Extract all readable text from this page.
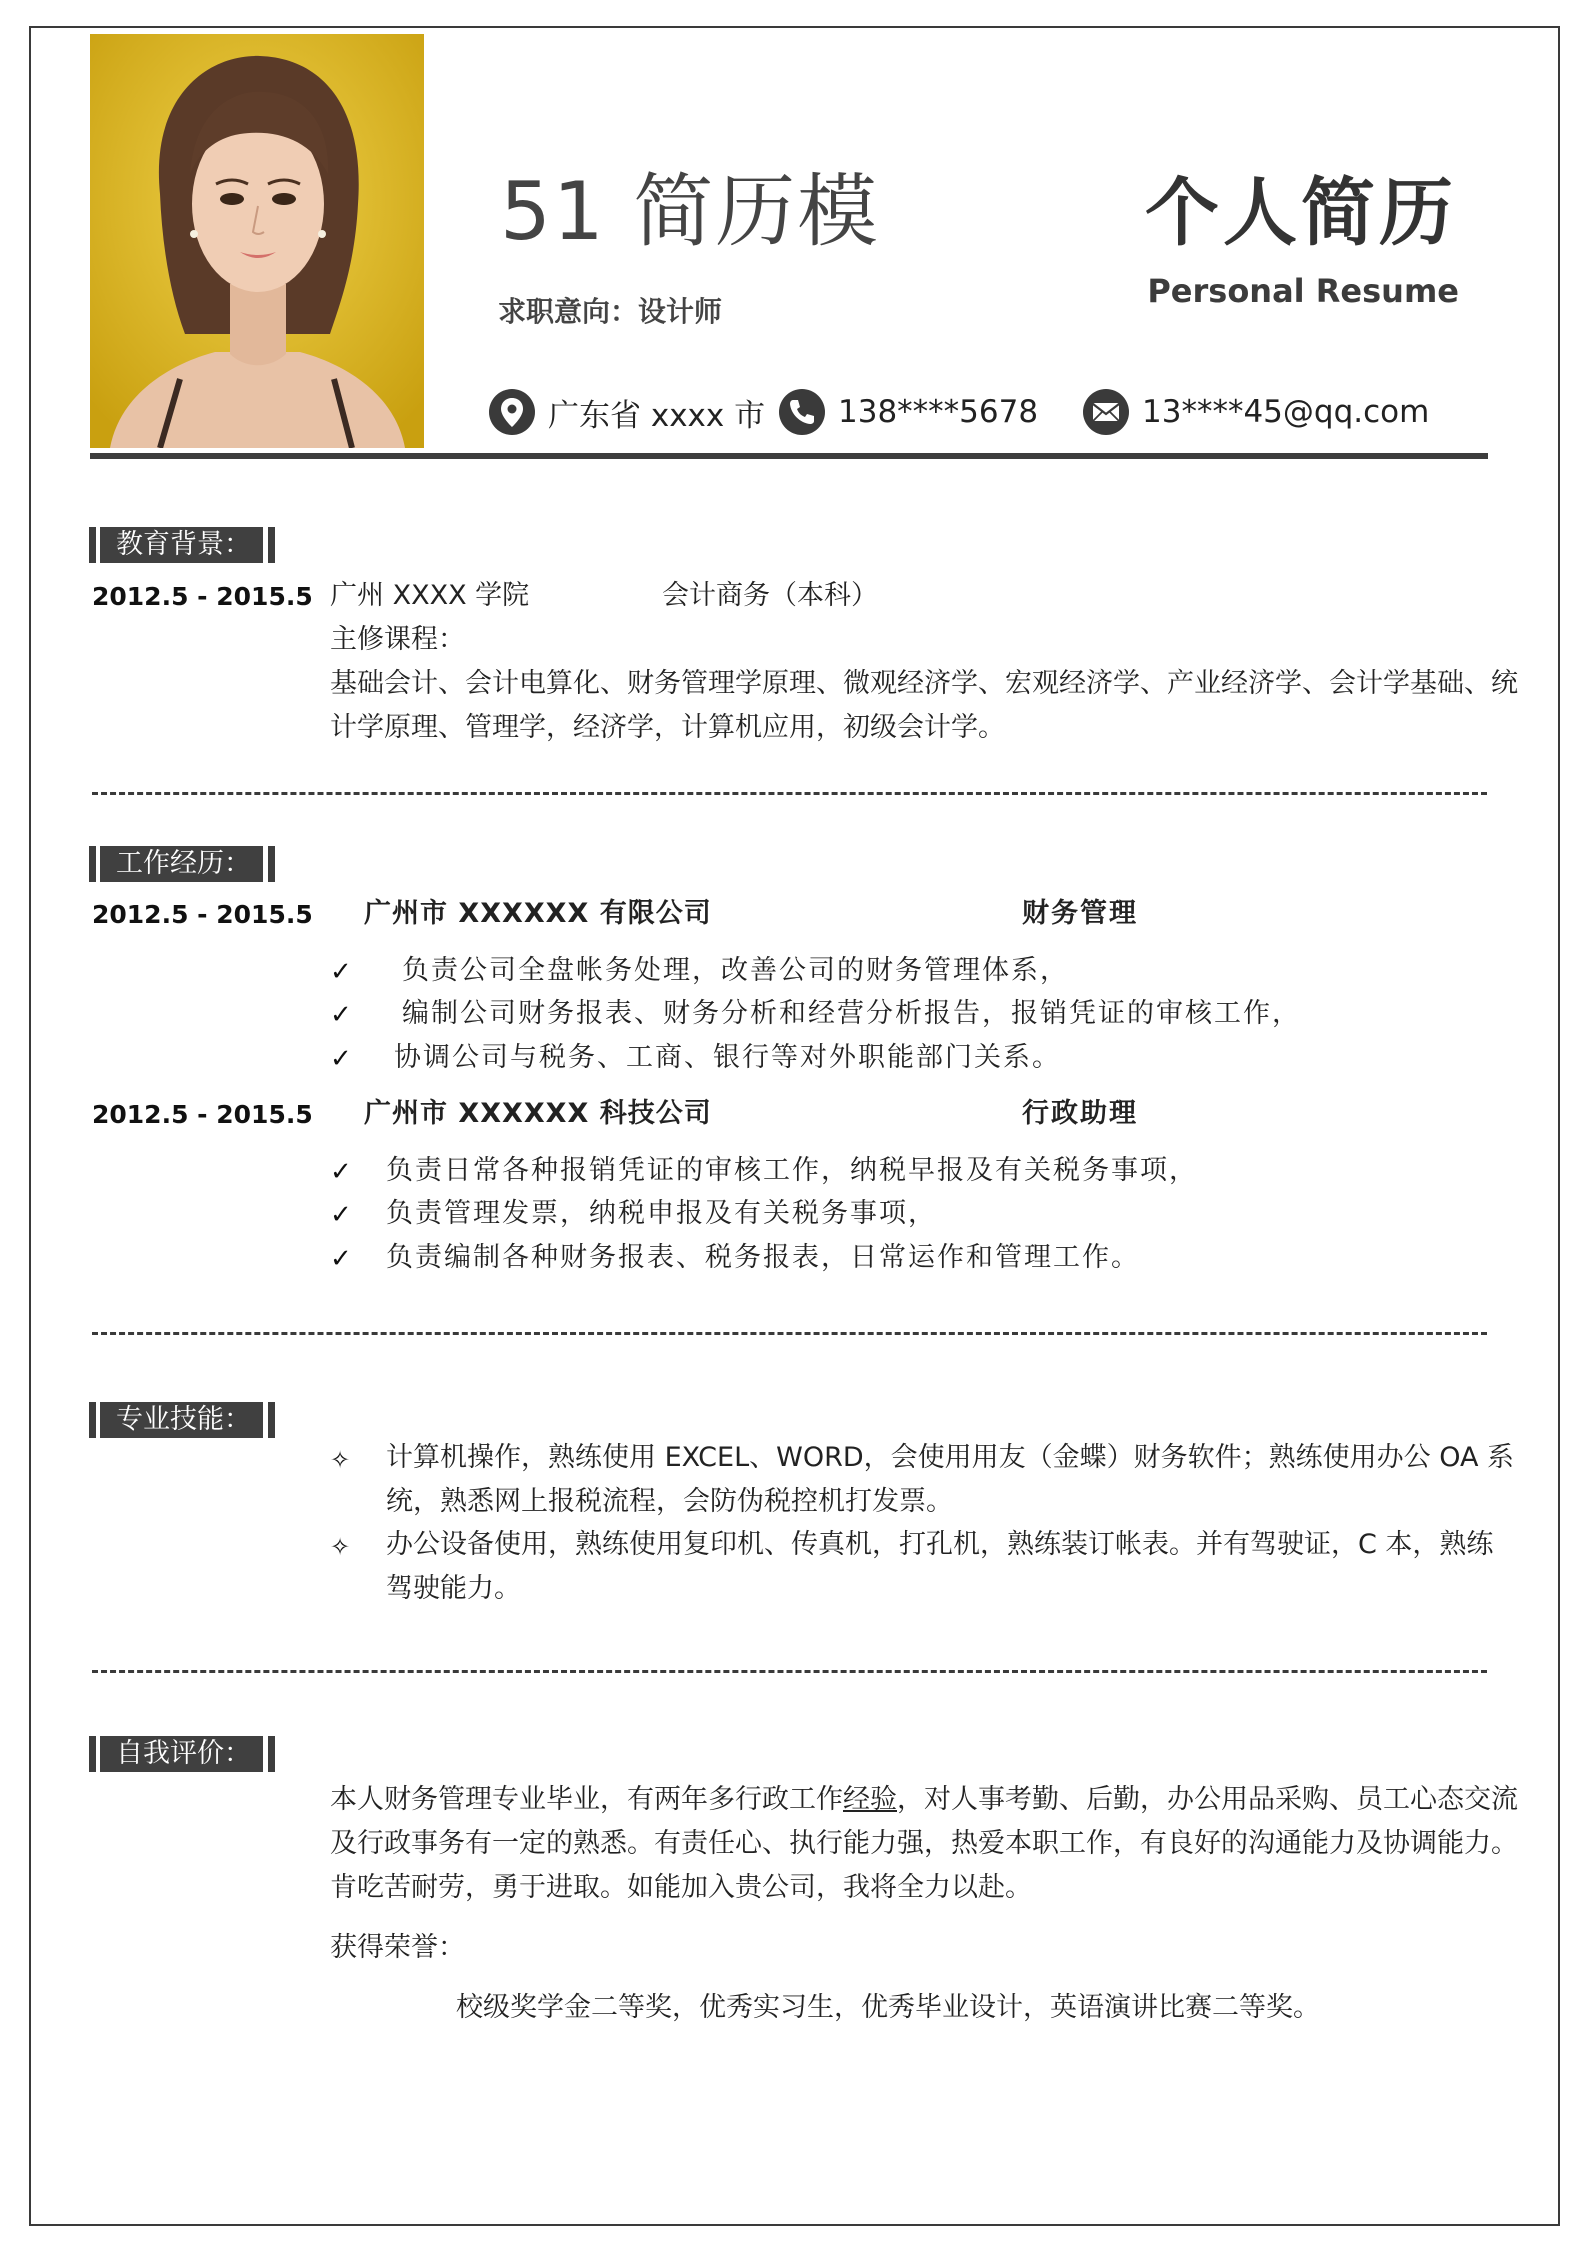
51 简历模
求职意向：设计师
个人简历
Personal Resume
广东省 xxxx 市 138****5678	13****45@qq.com
教育背景：
2012.5 - 2015.5 广州 XXXX 学院	会计商务（本科）
主修课程：
基础会计、会计电算化、财务管理学原理、微观经济学、宏观经济学、产业经济学、会计学基础、统
计学原理、管理学，经济学，计算机应用，初级会计学。
工作经历：
2012.5 - 2015.5 广州市 XXXXXX 有限公司	财务管理
✓ 负责公司全盘帐务处理，改善公司的财务管理体系，
✓ 编制公司财务报表、财务分析和经营分析报告，报销凭证的审核工作，
✓ 协调公司与税务、工商、银行等对外职能部门关系。
2012.5 - 2015.5 广州市 XXXXXX 科技公司	行政助理
✓ 负责日常各种报销凭证的审核工作，纳税早报及有关税务事项，
✓ 负责管理发票，纳税申报及有关税务事项，
✓ 负责编制各种财务报表、税务报表，日常运作和管理工作。
专业技能：
✧ 计算机操作，熟练使用 EXCEL、WORD，会使用用友（金蝶）财务软件；熟练使用办公 OA 系
统，熟悉网上报税流程，会防伪税控机打发票。
✧ 办公设备使用，熟练使用复印机、传真机，打孔机，熟练装订帐表。并有驾驶证，C 本，熟练
驾驶能力。
自我评价：
本人财务管理专业毕业，有两年多行政工作经验，对人事考勤、后勤，办公用品采购、员工心态交流
及行政事务有一定的熟悉。有责任心、执行能力强，热爱本职工作，有良好的沟通能力及协调能力。
肯吃苦耐劳，勇于进取。如能加入贵公司，我将全力以赴。
获得荣誉：
校级奖学金二等奖，优秀实习生，优秀毕业设计，英语演讲比赛二等奖。
